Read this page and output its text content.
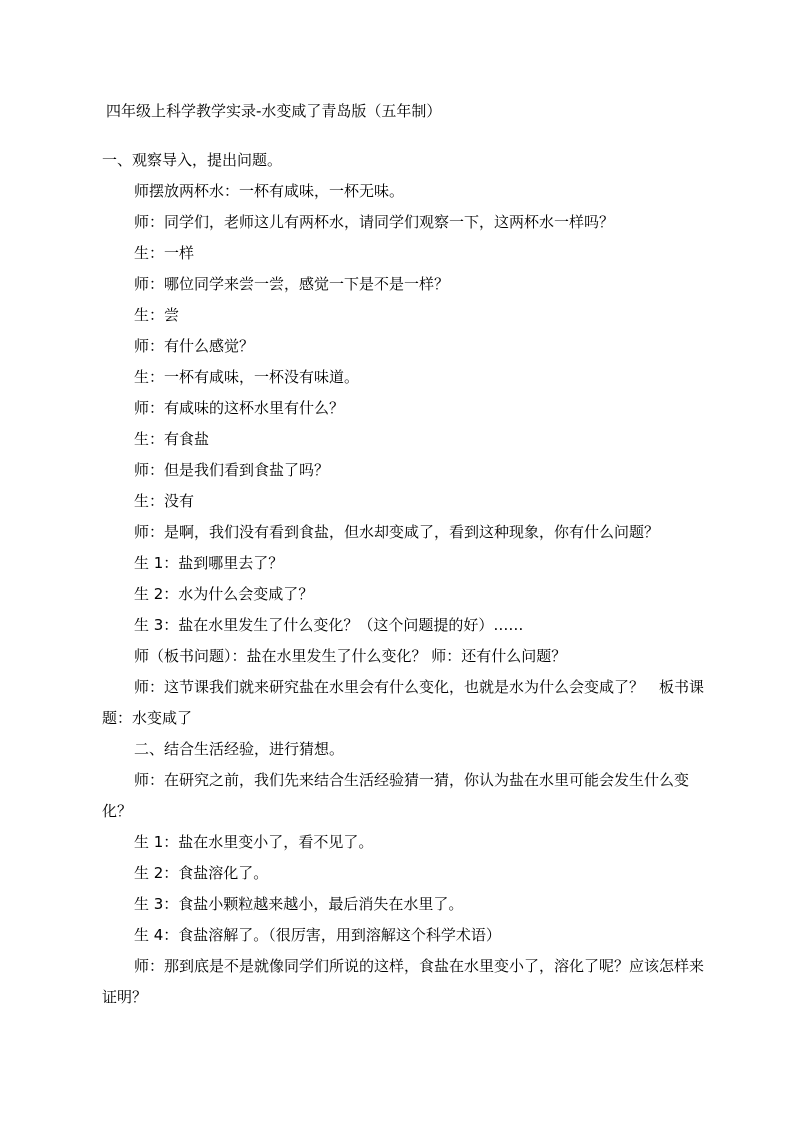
四年级上科学教学实录-水变咸了青岛版（五年制）

一、观察导入，提出问题。

师摆放两杯水：一杯有咸味，一杯无味。

师：同学们，老师这儿有两杯水，请同学们观察一下，这两杯水一样吗？

生：一样

师：哪位同学来尝一尝，感觉一下是不是一样？

生：尝

师：有什么感觉？

生：一杯有咸味，一杯没有味道。

师：有咸味的这杯水里有什么？

生：有食盐

师：但是我们看到食盐了吗？

生：没有

师：是啊，我们没有看到食盐，但水却变咸了，看到这种现象，你有什么问题？

生 1：盐到哪里去了？

生 2：水为什么会变咸了？

生 3：盐在水里发生了什么变化？（这个问题提的好）……

师（板书问题）：盐在水里发生了什么变化？ 师：还有什么问题？

师：这节课我们就来研究盐在水里会有什么变化，也就是水为什么会变咸了？　板书课题：水变咸了

二、结合生活经验，进行猜想。

师：在研究之前，我们先来结合生活经验猜一猜，你认为盐在水里可能会发生什么变化？

生 1：盐在水里变小了，看不见了。

生 2：食盐溶化了。

生 3：食盐小颗粒越来越小，最后消失在水里了。

生 4：食盐溶解了。（很厉害，用到溶解这个科学术语）

师：那到底是不是就像同学们所说的这样，食盐在水里变小了，溶化了呢？应该怎样来证明？
